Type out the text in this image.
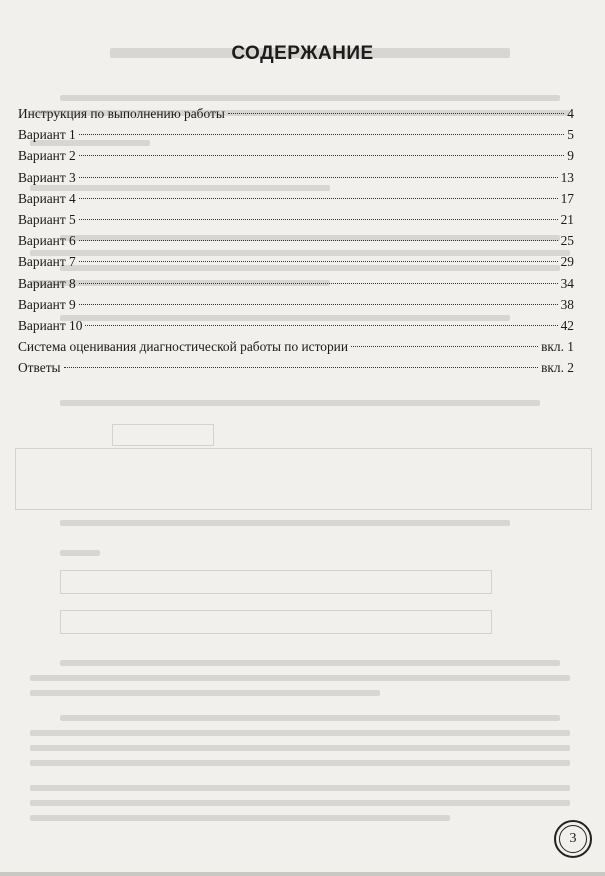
СОДЕРЖАНИЕ
Инструкция по выполнению работы	4
Вариант 1	5
Вариант 2	9
Вариант 3	13
Вариант 4	17
Вариант 5	21
Вариант 6	25
Вариант 7	29
Вариант 8	34
Вариант 9	38
Вариант 10	42
Система оценивания диагностической работы по истории	вкл. 1
Ответы	вкл. 2
3
